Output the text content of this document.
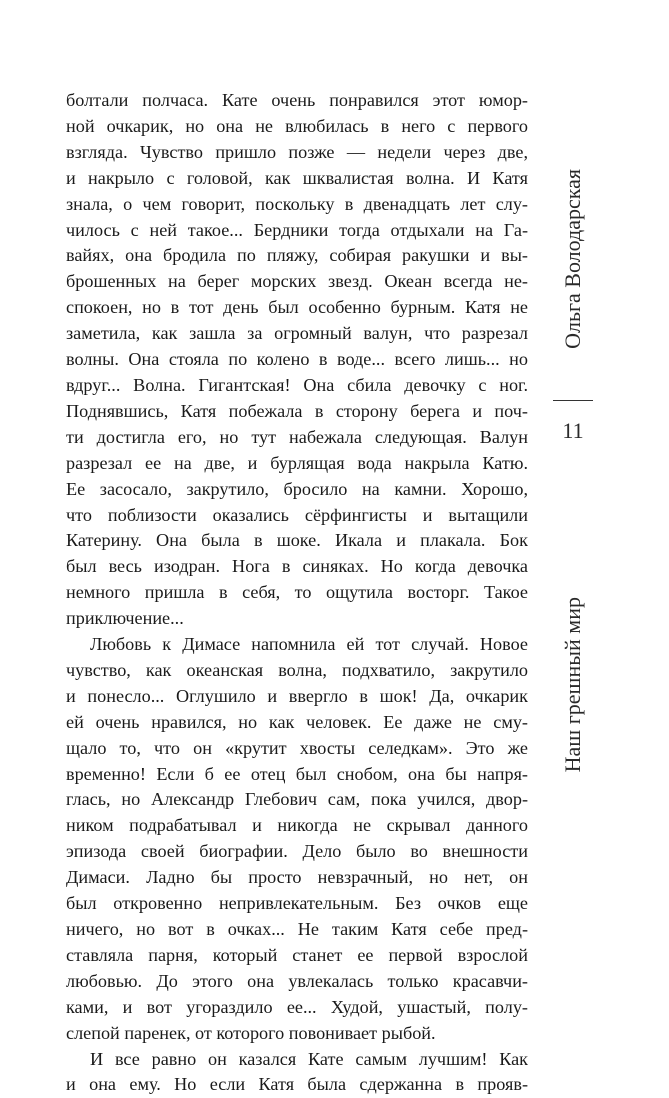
болтали полчаса. Кате очень понравился этот юмор-
ной очкарик, но она не влюбилась в него с первого
взгляда. Чувство пришло позже — недели через две,
и накрыло с головой, как шквалистая волна. И Катя
знала, о чем говорит, поскольку в двенадцать лет слу-
чилось с ней такое... Бердники тогда отдыхали на Га-
вайях, она бродила по пляжу, собирая ракушки и вы-
брошенных на берег морских звезд. Океан всегда не-
спокоен, но в тот день был особенно бурным. Катя не
заметила, как зашла за огромный валун, что разрезал
волны. Она стояла по колено в воде... всего лишь... но
вдруг... Волна. Гигантская! Она сбила девочку с ног.
Поднявшись, Катя побежала в сторону берега и поч-
ти достигла его, но тут набежала следующая. Валун
разрезал ее на две, и бурлящая вода накрыла Катю.
Ее засосало, закрутило, бросило на камни. Хорошо,
что поблизости оказались сёрфингисты и вытащили
Катерину. Она была в шоке. Икала и плакала. Бок
был весь изодран. Нога в синяках. Но когда девочка
немного пришла в себя, то ощутила восторг. Такое
приключение...
Любовь к Димасе напомнила ей тот случай. Новое
чувство, как океанская волна, подхватило, закрутило
и понесло... Оглушило и ввергло в шок! Да, очкарик
ей очень нравился, но как человек. Ее даже не сму-
щало то, что он «крутит хвосты селедкам». Это же
временно! Если б ее отец был снобом, она бы напря-
глась, но Александр Глебович сам, пока учился, двор-
ником подрабатывал и никогда не скрывал данного
эпизода своей биографии. Дело было во внешности
Димаси. Ладно бы просто невзрачный, но нет, он
был откровенно непривлекательным. Без очков еще
ничего, но вот в очках... Не таким Катя себе пред-
ставляла парня, который станет ее первой взрослой
любовью. До этого она увлекалась только красавчи-
ками, и вот угораздило ее... Худой, ушастый, полу-
слепой паренек, от которого повонивает рыбой.
И все равно он казался Кате самым лучшим! Как
и она ему. Но если Катя была сдержанна в прояв-
Ольга Володарская
11
Наш грешный мир
